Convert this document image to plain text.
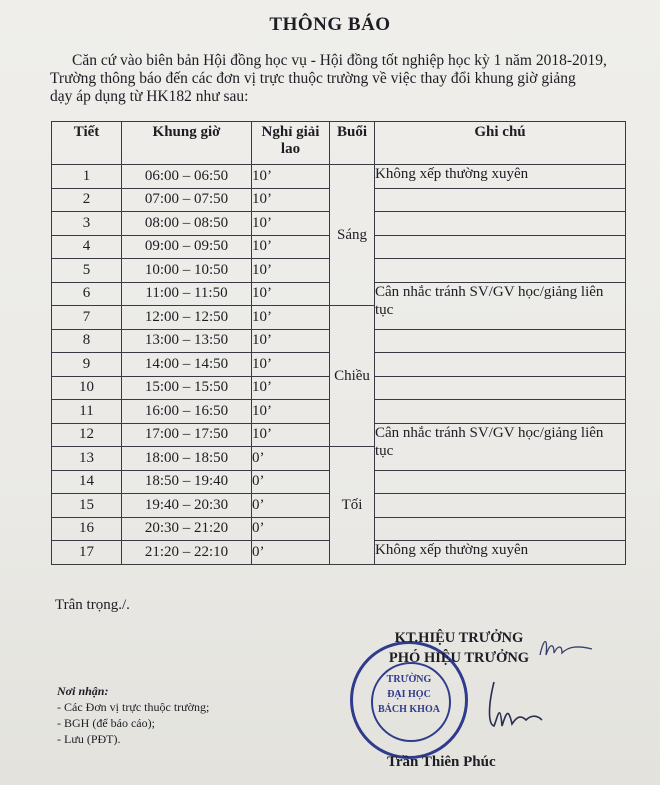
THÔNG BÁO

Căn cứ vào biên bản Hội đồng học vụ - Hội đồng tốt nghiệp học kỳ 1 năm 2018-2019,

Trường thông báo đến các đơn vị trực thuộc trường về việc thay đổi khung giờ giảng

dạy áp dụng từ HK182 như sau:

Tiết	Khung giờ	Nghỉ giải lao	Buổi	Ghi chú
1	06:00 – 06:50	10’	Sáng	Không xếp thường xuyên
2	07:00 – 07:50	10’		
3	08:00 – 08:50	10’		
4	09:00 – 09:50	10’		
5	10:00 – 10:50	10’		
6	11:00 – 11:50	10’		Cân nhắc tránh SV/GV học/giảng liên
tục

7	12:00 – 12:50	10’	Chiều	
8	13:00 – 13:50	10’		
9	14:00 – 14:50	10’		
10	15:00 – 15:50	10’		
11	16:00 – 16:50	10’		
12	17:00 – 17:50	10’		Cân nhắc tránh SV/GV học/giảng liên
tục

13	18:00 – 18:50	0’	Tối	
14	18:50 – 19:40	0’		
15	19:40 – 20:30	0’		
16	20:30 – 21:20	0’		
17	21:20 – 22:10	0’		Không xếp thường xuyên
Trân trọng./.
Nơi nhận:
- Các Đơn vị trực thuộc trường;
- BGH (để báo cáo);
- Lưu (PĐT).
TRƯỜNG
ĐẠI HỌC
BÁCH KHOA
KT.HIỆU TRƯỞNG
PHÓ HIỆU TRƯỞNG
Trần Thiên Phúc
